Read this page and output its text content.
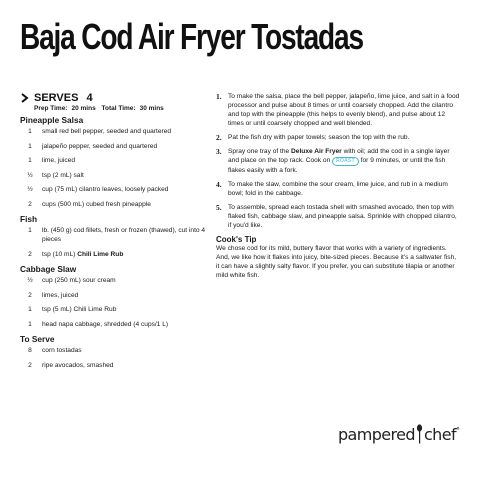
Baja Cod Air Fryer Tostadas
SERVES 4
Prep Time: 20 mins Total Time: 30 mins
Pineapple Salsa
1	small red bell pepper, seeded and quartered
1	jalapeño pepper, seeded and quartered
1	lime, juiced
½	tsp (2 mL) salt
½	cup (75 mL) cilantro leaves, loosely packed
2	cups (500 mL) cubed fresh pineapple
Fish
1	lb. (450 g) cod fillets, fresh or frozen (thawed), cut into 4 pieces
2	tsp (10 mL) Chili Lime Rub
Cabbage Slaw
½	cup (250 mL) sour cream
2	limes, juiced
1	tsp (5 mL) Chili Lime Rub
1	head napa cabbage, shredded (4 cups/1 L)
To Serve
8	corn tostadas
2	ripe avocados, smashed
1. To make the salsa, place the bell pepper, jalapeño, lime juice, and salt in a food processor and pulse about 8 times or until coarsely chopped. Add the cilantro and top with the pineapple (this helps to evenly blend), and pulse about 12 times or until coarsely chopped and well blended.
2. Pat the fish dry with paper towels; season the top with the rub.
3. Spray one tray of the Deluxe Air Fryer with oil; add the cod in a single layer and place on the top rack. Cook on ROAST for 9 minutes, or until the fish flakes easily with a fork.
4. To make the slaw, combine the sour cream, lime juice, and rub in a medium bowl; fold in the cabbage.
5. To assemble, spread each tostada shell with smashed avocado, then top with flaked fish, cabbage slaw, and pineapple salsa. Sprinkle with chopped cilantro, if you'd like.
Cook's Tip
We chose cod for its mild, buttery flavor that works with a variety of ingredients. And, we like how it flakes into juicy, bite-sized pieces. Because it's a saltwater fish, it can have a slightly salty flavor. If you prefer, you can substitute tilapia or another mild white fish.
pampered chef °
